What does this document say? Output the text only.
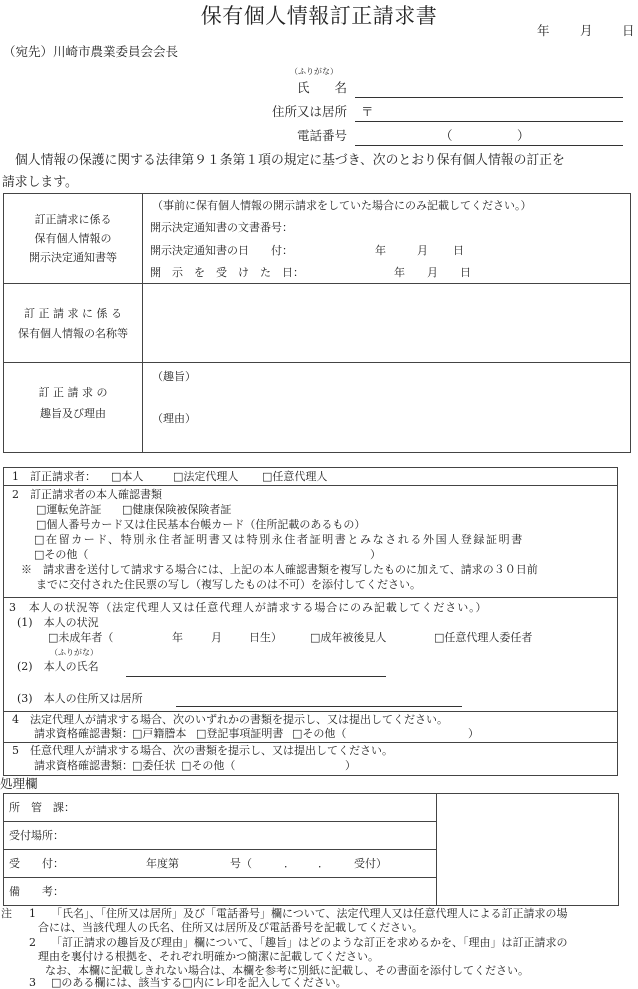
保有個人情報訂正請求書
年 月 日
（宛先）川崎市農業委員会会長
（ふりがな）
氏　　名
住所又は居所 〒
電話番号	（	）
個人情報の保護に関する法律第９１条第１項の規定に基づき、次のとおり保有個人情報の訂正を
請求します。
訂正請求に係る
保有個人情報の
開示決定通知書等
（事前に保有個人情報の開示請求をしていた場合にのみ記載してください。）
開示決定通知書の文書番号：
開示決定通知書の日　　付：	年	月 日
開　示　を　受　け　た　日：	年 月 日
訂 正 請 求 に 係 る
保有個人情報の名称等
訂 正 請 求 の
趣旨及び理由
（趣旨）
（理由）
1　訂正請求者： □本人	□法定代理人 □任意代理人
2　訂正請求者の本人確認書類
□運転免許証 □健康保険被保険者証
□個人番号カード又は住民基本台帳カード（住所記載のあるもの）
□在留カード、特別永住者証明書又は特別永住者証明書とみなされる外国人登録証明書
□その他（	）
※　請求書を送付して請求する場合には、上記の本人確認書類を複写したものに加えて、請求の３０日前
までに交付された住民票の写し（複写したものは不可）を添付してください。
3　本人の状況等（法定代理人又は任意代理人が請求する場合にのみ記載してください。）
(1)　本人の状況
□未成年者（	年	月 日生）	□成年被後見人	□任意代理人委任者
（ふりがな）
(2)　本人の氏名
(3)　本人の住所又は居所
4　法定代理人が請求する場合、次のいずれかの書類を提示し、又は提出してください。
請求資格確認書類： □戸籍謄本 □登記事項証明書 □その他（	）
5　任意代理人が請求する場合、次の書類を提示し、又は提出してください。
請求資格確認書類： □委任状 □その他（	）
処理欄
所　管　課：
受付場所：
受　　付：	年度第	号（	． ． 受付）
備　　考：
注 1 「氏名」、「住所又は居所」及び「電話番号」欄について、法定代理人又は任意代理人による訂正請求の場
合には、当該代理人の氏名、住所又は居所及び電話番号を記載してください。
2 「訂正請求の趣旨及び理由」欄について、「趣旨」はどのような訂正を求めるかを、「理由」は訂正請求の
理由を裏付ける根拠を、それぞれ明確かつ簡潔に記載してください。
なお、本欄に記載しきれない場合は、本欄を参考に別紙に記載し、その書面を添付してください。
3 □のある欄には、該当する□内にレ印を記入してください。
